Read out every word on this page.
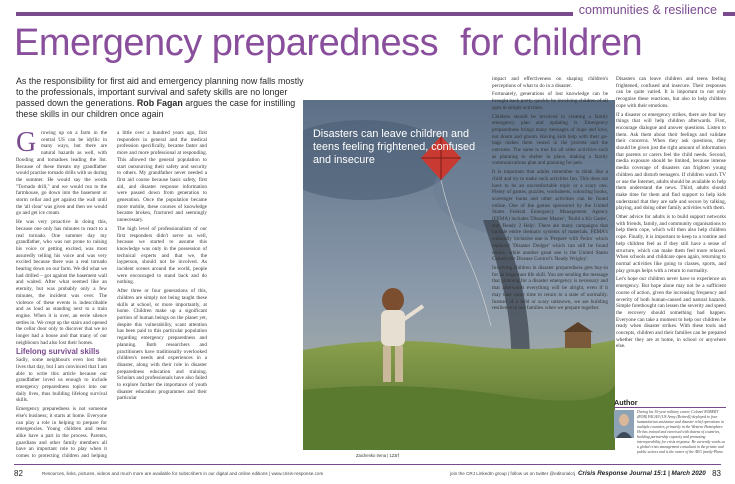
communities & resilience
Emergency preparedness for children
As the responsibility for first aid and emergency planning now falls mostly to the professionals, important survival and safety skills are no longer passed down the generations. Rob Fagan argues the case for instilling these skills in our children once again
G rowing up on a farm in the central US can be idyllic in many ways, but there are natural hazards as well, with flooding and tornadoes leading the list. Because of these threats my grandfather would practise tornado drills with us during the summer. He would say the words "Tornado drill," and we would run to the farmhouse, go down into the basement or storm cellar and get against the wall until the 'all clear' was given and then we would go and get ice cream.

He was very proactive in doing this, because one only has minutes to react to a real tornado. One summer day my grandfather, who was not prone to raising his voice or getting excited, was most assuredly telling his voice and was very excited because there was a real tornado bearing down on our farm. We did what we had drilled – got against the basement wall and waited. After what seemed like an eternity, but was probably only a few minutes, the incident was over. The violence of these events is indescribable and as loud as standing next to a train engine. When it is over, an eerie silence settles in. We crept up the stairs and opened the cellar door only to discover that we no longer had a house and that many of our neighbours had also lost their homes.

Lifelong survival skills

Sadly, some neighbours even lost their lives that day, but I am convinced that I am able to write this article because our grandfather loved us enough to include emergency preparedness topics into our daily lives, thus building lifelong survival skills.

Emergency preparedness is not someone else's business; it starts at home. Everyone can play a role in helping to prepare for emergencies. Young children and teens alike have a part in the process. Parents, guardians and other family members all have an important role to play when it comes to protecting children and helping

a little over a hundred years ago, first responders in general and the medical profession specifically, became faster and more and more professional at responding. This allowed the general population to start outsourcing their safety and security to others. My grandfather never needed a first aid course because basic safety, first aid, and disaster response information were passed down from generation to generation. Once the population became more mobile, these courses of knowledge became broken, fractured and seemingly unnecessary.

The high level of professionalism of our first responders didn't serve us well, because we started to assume this knowledge was only in the possession of technical experts and that we, the layperson, should not be involved. As incident scenes around the world, people were encouraged to stand back and do nothing.

After three or four generations of this, children are simply not being taught these skills at school, or more importantly, at home. Children make up a significant portion of human beings on the planet yet, despite this vulnerability, scant attention has been paid to this particular population regarding emergency preparedness and planning. Both researchers and practitioners have traditionally overlooked children's needs and experiences in a disaster, along with their role in disaster preparedness education and training. Scholars and professionals have also failed to explore further the importance of youth disaster education programmes and their particular

Disasters can leave children and teens feeling frightened, confused and insecure
Zaichenko Irena | 123rf

impact and effectiveness on shaping children's perceptions of what to do in a disaster.

Fortunately, generations of lost knowledge can be brought back pretty quickly by involving children of all ages in simple activities.

Children should be involved in creating a family emergency plan and updating it. Emergency preparedness brings many messages of hope and love, not doom and gloom. Having kids help with their go-bags makes them vested in the process and the outcome. The same is true for all other activities such as planning to shelter in place, making a family communications plan and planning for pets.

It is important that adults remember to think like a child and try to make such activities fun. This does not have to be an uncomfortable topic or a scary one. Plenty of games, puzzles, worksheets, colouring books, scavenger hunts and other activities can be found online. One of the games sponsored by the United States Federal Emergency Management Agency (FEMA) includes 'Disaster Master', 'Build a Kit Game', and 'Ready 2 Help'. There are many campaigns that include entire thematic systems of materials. FEMA's culturally inclusive one is 'Prepare with Pedro' which replaced 'Disaster Dodger' which can still be found online, while another great one is the United States Centers for Disease Control's 'Ready Wrigley'.

Involving children in disaster preparedness gets buy-in for an important life skill. You are sending the message that planning for a disaster emergency is necessary and that afterwards everything will be alright, even if it may take some time to return to a state of normality. Instead of a wild or scary unknown, we are building resilience in our families when we prepare together.

Disasters can leave children and teens feeling frightened, confused and insecure. Their responses can be quite varied. It is important to not only recognise these reactions, but also to help children cope with their emotions.

If a disaster or emergency strikes, there are four key things that will help children afterwards. First, encourage dialogue and answer questions. Listen to them. Ask them about their feelings and validate their concerns. When they ask questions, they should be given just the right amount of information that parents or carers feel the child needs. Second, media exposure should be limited, because intense media coverage of disasters can frighten young children and disturb teenagers. If children watch TV or use the Internet, adults should be available to help them understand the news. Third, adults should make time for them and find support to help kids understand that they are safe and secure by talking, playing, and doing other family activities with them.

Other advice for adults is to build support networks with friends, family, and community organisations to help them cope, which will then also help children cope. Finally, it is important to keep to a routine and help children feel as if they still have a sense of structure, which can make them feel more relaxed. When schools and childcare open again, returning to normal activities like going to classes, sports, and play groups helps with a return to normality.

Let's hope our children never have to experience an emergency. But hope alone may not be a sufficient course of action, given the increasing frequency and severity of both human-caused and natural hazards. Simple forethought can lessen the severity and speed the recovery should something bad happen. Everyone can take a moment to help our children be ready when disaster strikes. With these tools and concepts, children and their families can be prepared whether they are at home, in school or anywhere else.

Author
During his 30-year military career, Colonel ROBERT (ROB) FAGAN (US Army (Retired)) deployed to four humanitarian assistance and disaster relief operations in multiple countries, primarily in the Western Hemisphere. He has trained and exercised with dozens of countries, building partnership capacity and promoting interoperability for crisis response. He currently works as a global crisis management consultant in the private and public sectors and is the owner of the AEG family-Plans.
82	Resources, links, pictures, videos and much more are available for subscribers in our digital and online editions | www.crisis-response.com	join the CRJ LinkedIn group | follow us on twitter @editorialcrj Crisis Response Journal 15:1 | March 2020 83
